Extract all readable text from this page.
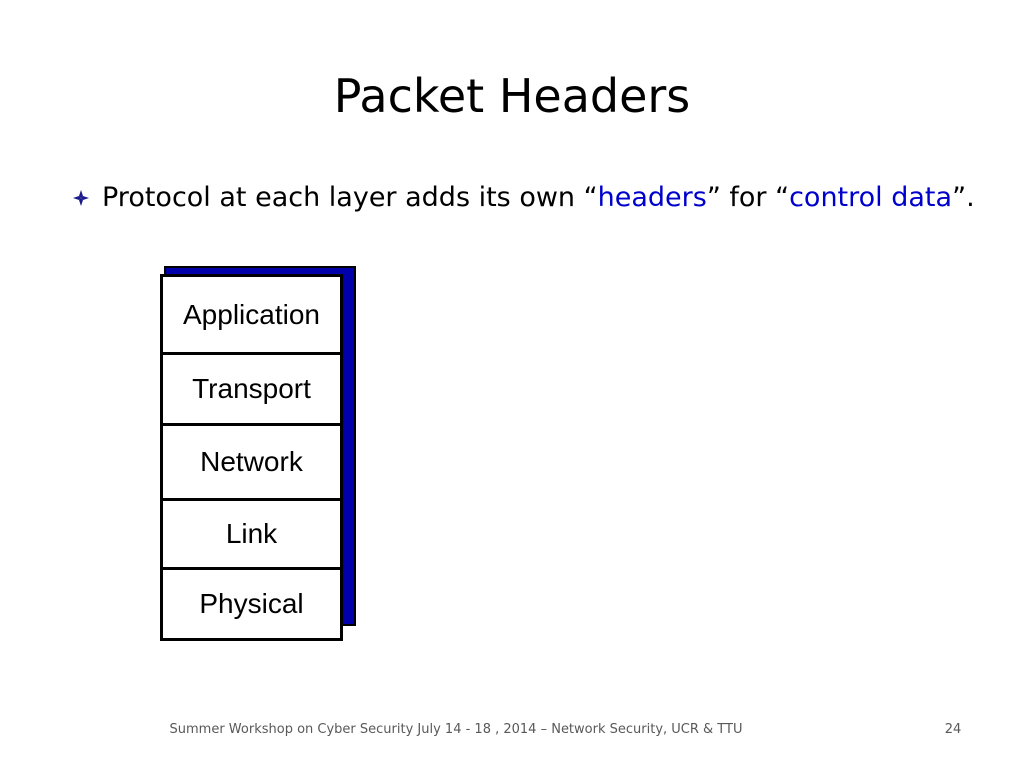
Packet Headers
Protocol at each layer adds its own “headers” for “control data”.
Application
Transport
Network
Link
Physical
Summer Workshop on Cyber Security July 14 - 18 , 2014 – Network Security, UCR & TTU	24
